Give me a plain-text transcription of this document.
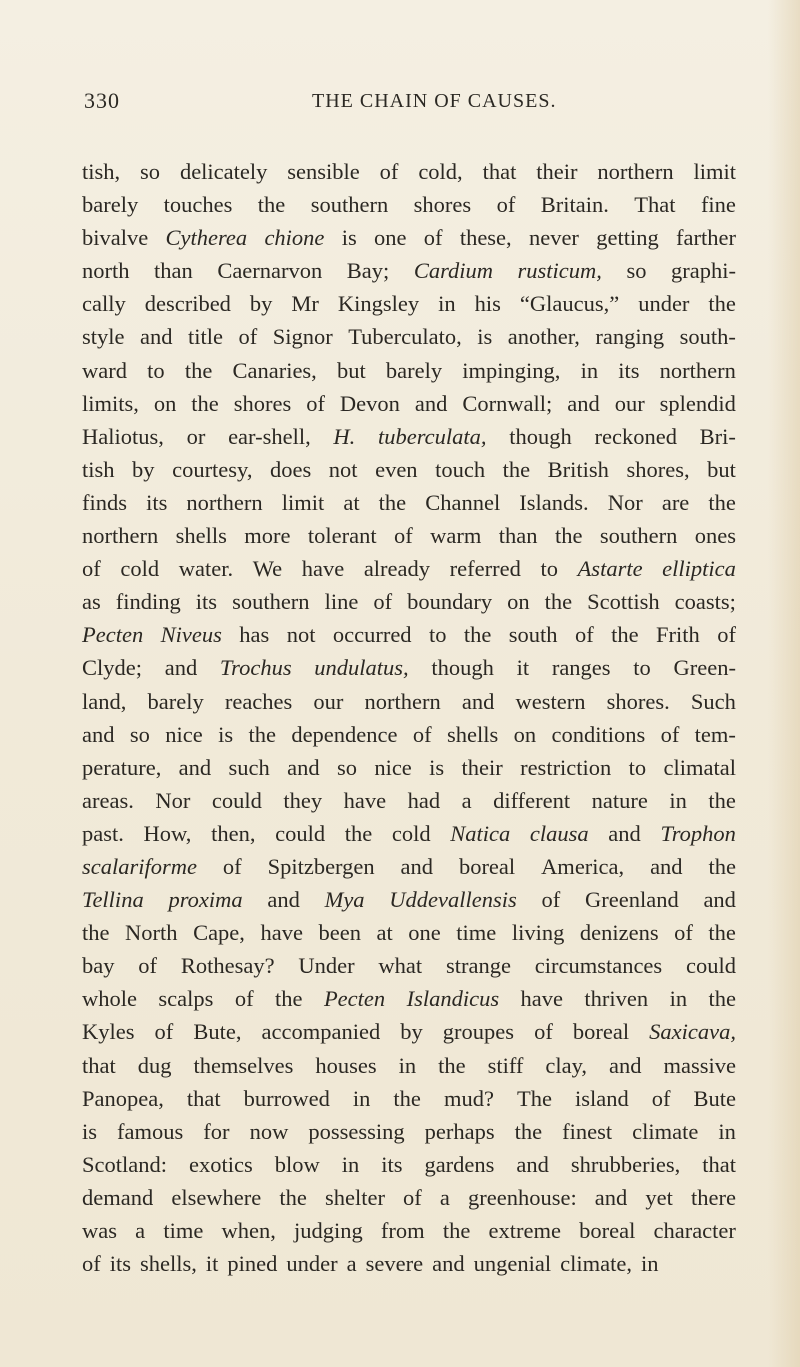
330	THE CHAIN OF CAUSES.
tish, so delicately sensible of cold, that their northern limit
barely touches the southern shores of Britain. That fine
bivalve Cytherea chione is one of these, never getting farther
north than Caernarvon Bay; Cardium rusticum, so graphi-
cally described by Mr Kingsley in his “Glaucus,” under the
style and title of Signor Tuberculato, is another, ranging south-
ward to the Canaries, but barely impinging, in its northern
limits, on the shores of Devon and Cornwall; and our splendid
Haliotus, or ear-shell, H. tuberculata, though reckoned Bri-
tish by courtesy, does not even touch the British shores, but
finds its northern limit at the Channel Islands. Nor are the
northern shells more tolerant of warm than the southern ones
of cold water. We have already referred to Astarte elliptica
as finding its southern line of boundary on the Scottish coasts;
Pecten Niveus has not occurred to the south of the Frith of
Clyde; and Trochus undulatus, though it ranges to Green-
land, barely reaches our northern and western shores. Such
and so nice is the dependence of shells on conditions of tem-
perature, and such and so nice is their restriction to climatal
areas. Nor could they have had a different nature in the
past. How, then, could the cold Natica clausa and Trophon
scalariforme of Spitzbergen and boreal America, and the
Tellina proxima and Mya Uddevallensis of Greenland and
the North Cape, have been at one time living denizens of the
bay of Rothesay? Under what strange circumstances could
whole scalps of the Pecten Islandicus have thriven in the
Kyles of Bute, accompanied by groupes of boreal Saxicava,
that dug themselves houses in the stiff clay, and massive
Panopea, that burrowed in the mud? The island of Bute
is famous for now possessing perhaps the finest climate in
Scotland: exotics blow in its gardens and shrubberies, that
demand elsewhere the shelter of a greenhouse: and yet there
was a time when, judging from the extreme boreal character
of its shells, it pined under a severe and ungenial climate, in
